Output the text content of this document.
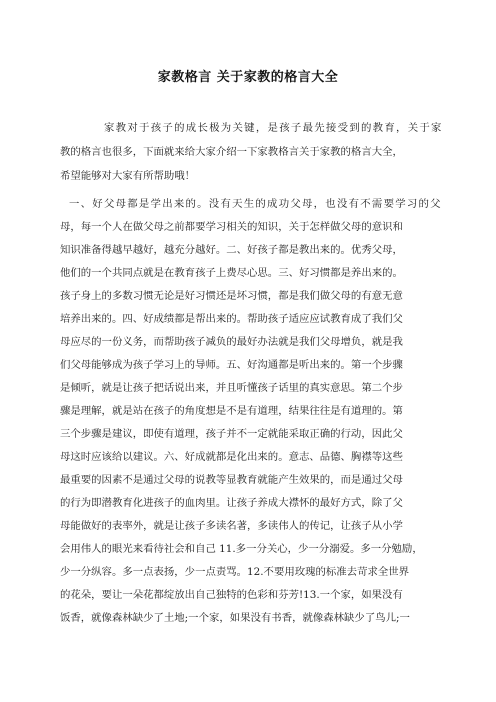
家教格言 关于家教的格言大全
家教对于孩子的成长极为关键，是孩子最先接受到的教育，关于家
教的格言也很多，下面就来给大家介绍一下家教格言关于家教的格言大全，
希望能够对大家有所帮助哦！
一、好父母都是学出来的。没有天生的成功父母，也没有不需要学习的父
母，每一个人在做父母之前都要学习相关的知识，关于怎样做父母的意识和
知识准备得越早越好，越充分越好。二、好孩子都是教出来的。优秀父母，
他们的一个共同点就是在教育孩子上费尽心思。三、好习惯都是养出来的。
孩子身上的多数习惯无论是好习惯还是坏习惯，都是我们做父母的有意无意
培养出来的。四、好成绩都是帮出来的。帮助孩子适应应试教育成了我们父
母应尽的一份义务，而帮助孩子减负的最好办法就是我们父母增负，就是我
们父母能够成为孩子学习上的导师。五、好沟通都是听出来的。第一个步骤
是倾听，就是让孩子把话说出来，并且听懂孩子话里的真实意思。第二个步
骤是理解，就是站在孩子的角度想是不是有道理，结果往往是有道理的。第
三个步骤是建议，即使有道理，孩子并不一定就能采取正确的行动，因此父
母这时应该给以建议。六、好成就都是化出来的。意志、品德、胸襟等这些
最重要的因素不是通过父母的说教等显教育就能产生效果的，而是通过父母
的行为即潜教育化进孩子的血肉里。让孩子养成大襟怀的最好方式，除了父
母能做好的表率外，就是让孩子多读名著，多读伟人的传记，让孩子从小学
会用伟人的眼光来看待社会和自己 11.多一分关心，少一分溺爱。多一分勉励，
少一分纵容。多一点表扬，少一点责骂。12.不要用玫瑰的标准去苛求全世界
的花朵，要让一朵花都绽放出自己独特的色彩和芬芳!13.一个家，如果没有
饭香，就像森林缺少了土地;一个家，如果没有书香，就像森林缺少了鸟儿;一
